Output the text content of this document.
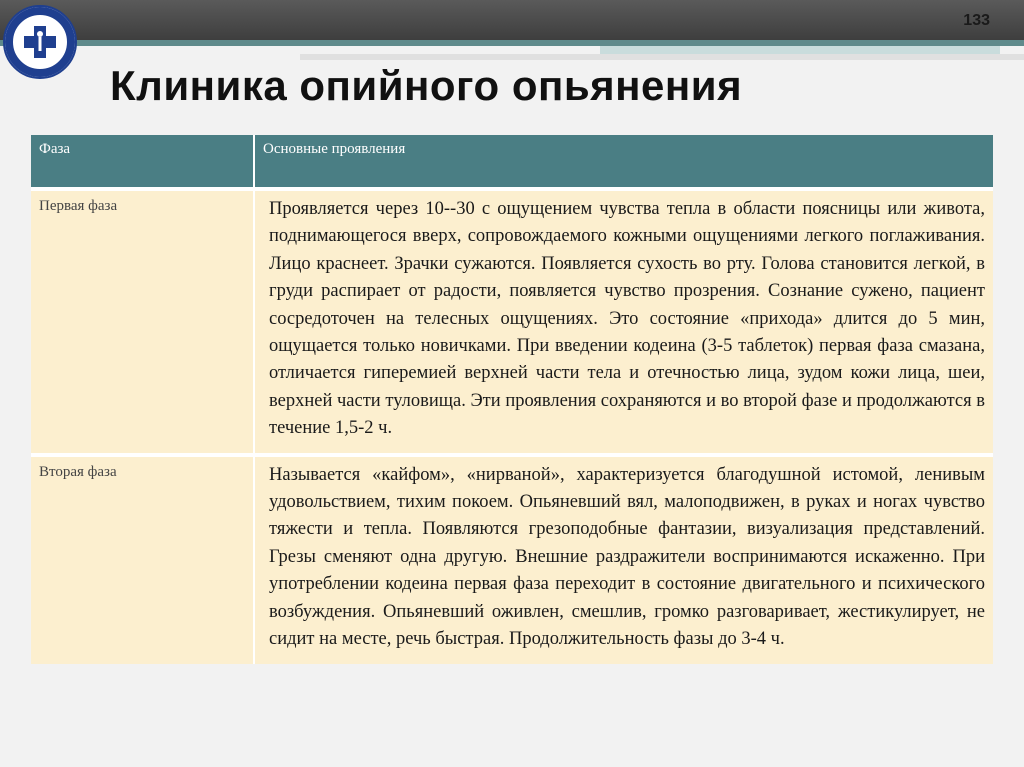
133
Клиника опийного опьянения
Фаза	Основные проявления

Первая фаза	Проявляется через 10--30 с ощущением чувства тепла в области поясницы или живота, поднимающегося вверх, сопровождаемого кожными ощущениями легкого поглаживания. Лицо краснеет. Зрачки сужаются. Появляется сухость во рту. Голова становится легкой, в груди распирает от радости, появляется чувство прозрения. Сознание сужено, пациент сосредоточен на телесных ощущениях. Это состояние «прихода» длится до 5 мин, ощущается только новичками. При введении кодеина (3-5 таблеток) первая фаза смазана, отличается гиперемией верхней части тела и отечностью лица, зудом кожи лица, шеи, верхней части туловища. Эти проявления сохраняются и во второй фазе и продолжаются в течение 1,5-2 ч.

Вторая фаза	Называется «кайфом», «нирваной», характеризуется благодушной истомой, ленивым удовольствием, тихим покоем. Опьяневший вял, малоподвижен, в руках и ногах чувство тяжести и тепла. Появляются грезоподобные фантазии, визуализация представлений. Грезы сменяют одна другую. Внешние раздражители воспринимаются искаженно. При употреблении кодеина первая фаза переходит в состояние двигательного и психического возбуждения. Опьяневший оживлен, смешлив, громко разговаривает, жестикулирует, не сидит на месте, речь быстрая. Продолжительность фазы до 3-4 ч.
